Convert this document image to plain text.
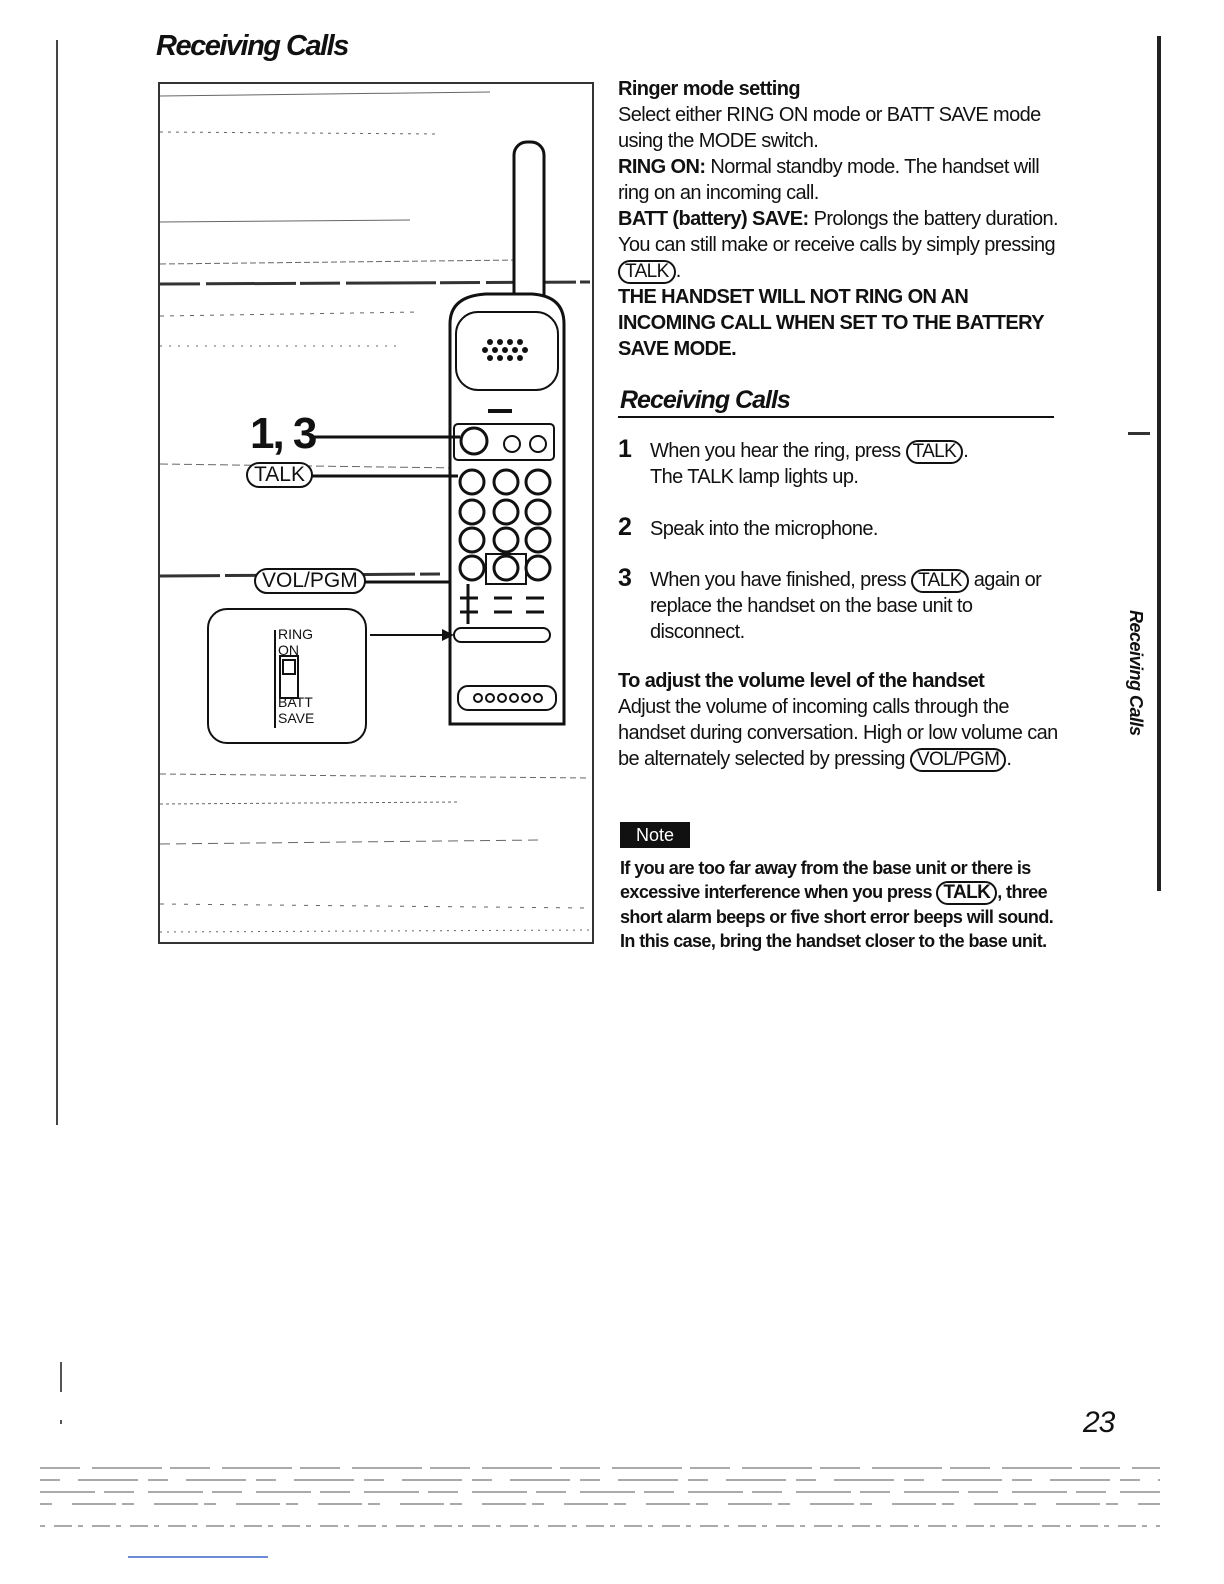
Receiving Calls
1, 3
TALK
VOL/PGM
RING
ON
BATT
SAVE
Ringer mode setting
Select either RING ON mode or BATT SAVE mode using the MODE switch.
RING ON: Normal standby mode. The handset will ring on an incoming call.
BATT (battery) SAVE: Prolongs the battery duration. You can still make or receive calls by simply pressing TALK .
THE HANDSET WILL NOT RING ON AN INCOMING CALL WHEN SET TO THE BATTERY SAVE MODE.
Receiving Calls
1 When you hear the ring, press TALK .
The TALK lamp lights up.
2 Speak into the microphone.
3 When you have finished, press TALK again or replace the handset on the base unit to disconnect.
To adjust the volume level of the handset
Adjust the volume of incoming calls through the handset during conversation. High or low volume can be alternately selected by pressing VOL/PGM .
Note
If you are too far away from the base unit or there is excessive interference when you press TALK , three short alarm beeps or five short error beeps will sound. In this case, bring the handset closer to the base unit.
Receiving Calls
23
